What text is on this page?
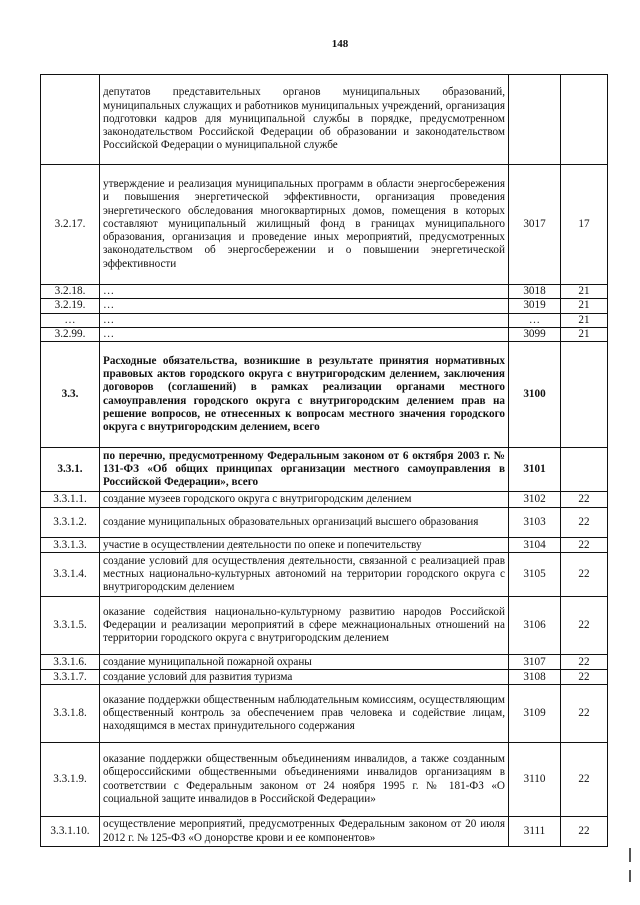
148
	депутатов представительных органов муниципальных образований, муниципальных служащих и работников муниципальных учреждений, организация подготовки кадров для муниципальной службы в порядке, предусмотренном законодательством Российской Федерации об образовании и законодательством Российской Федерации о муниципальной службе		
3.2.17.	утверждение и реализация муниципальных программ в области энергосбережения и повышения энергетической эффективности, организация проведения энергетического обследования многоквартирных домов, помещения в которых составляют муниципальный жилищный фонд в границах муниципального образования, организация и проведение иных мероприятий, предусмотренных законодательством об энергосбережении и о повышении энергетической эффективности	3017	17
3.2.18.	…	3018	21
3.2.19.	…	3019	21
…	…	…	21
3.2.99.	…	3099	21
3.3.	Расходные обязательства, возникшие в результате принятия нормативных правовых актов городского округа с внутригородским делением, заключения договоров (соглашений) в рамках реализации органами местного самоуправления городского округа с внутригородским делением прав на решение вопросов, не отнесенных к вопросам местного значения городского округа с внутригородским делением, всего	3100	
3.3.1.	по перечню, предусмотренному Федеральным законом от 6 октября 2003 г. № 131-ФЗ «Об общих принципах организации местного самоуправления в Российской Федерации», всего	3101	
3.3.1.1.	создание музеев городского округа с внутригородским делением	3102	22
3.3.1.2.	создание муниципальных образовательных организаций высшего образования	3103	22
3.3.1.3.	участие в осуществлении деятельности по опеке и попечительству	3104	22
3.3.1.4.	создание условий для осуществления деятельности, связанной с реализацией прав местных национально-культурных автономий на территории городского округа с внутригородским делением	3105	22
3.3.1.5.	оказание содействия национально-культурному развитию народов Российской Федерации и реализации мероприятий в сфере межнациональных отношений на территории городского округа с внутригородским делением	3106	22
3.3.1.6.	создание муниципальной пожарной охраны	3107	22
3.3.1.7.	создание условий для развития туризма	3108	22
3.3.1.8.	оказание поддержки общественным наблюдательным комиссиям, осуществляющим общественный контроль за обеспечением прав человека и содействие лицам, находящимся в местах принудительного содержания	3109	22
3.3.1.9.	оказание поддержки общественным объединениям инвалидов, а также созданным общероссийскими общественными объединениями инвалидов организациям в соответствии с Федеральным законом от 24 ноября 1995 г. № 181-ФЗ «О социальной защите инвалидов в Российской Федерации»	3110	22
3.3.1.10.	осуществление мероприятий, предусмотренных Федеральным законом от 20 июля 2012 г. № 125-ФЗ «О донорстве крови и ее компонентов»	3111	22
